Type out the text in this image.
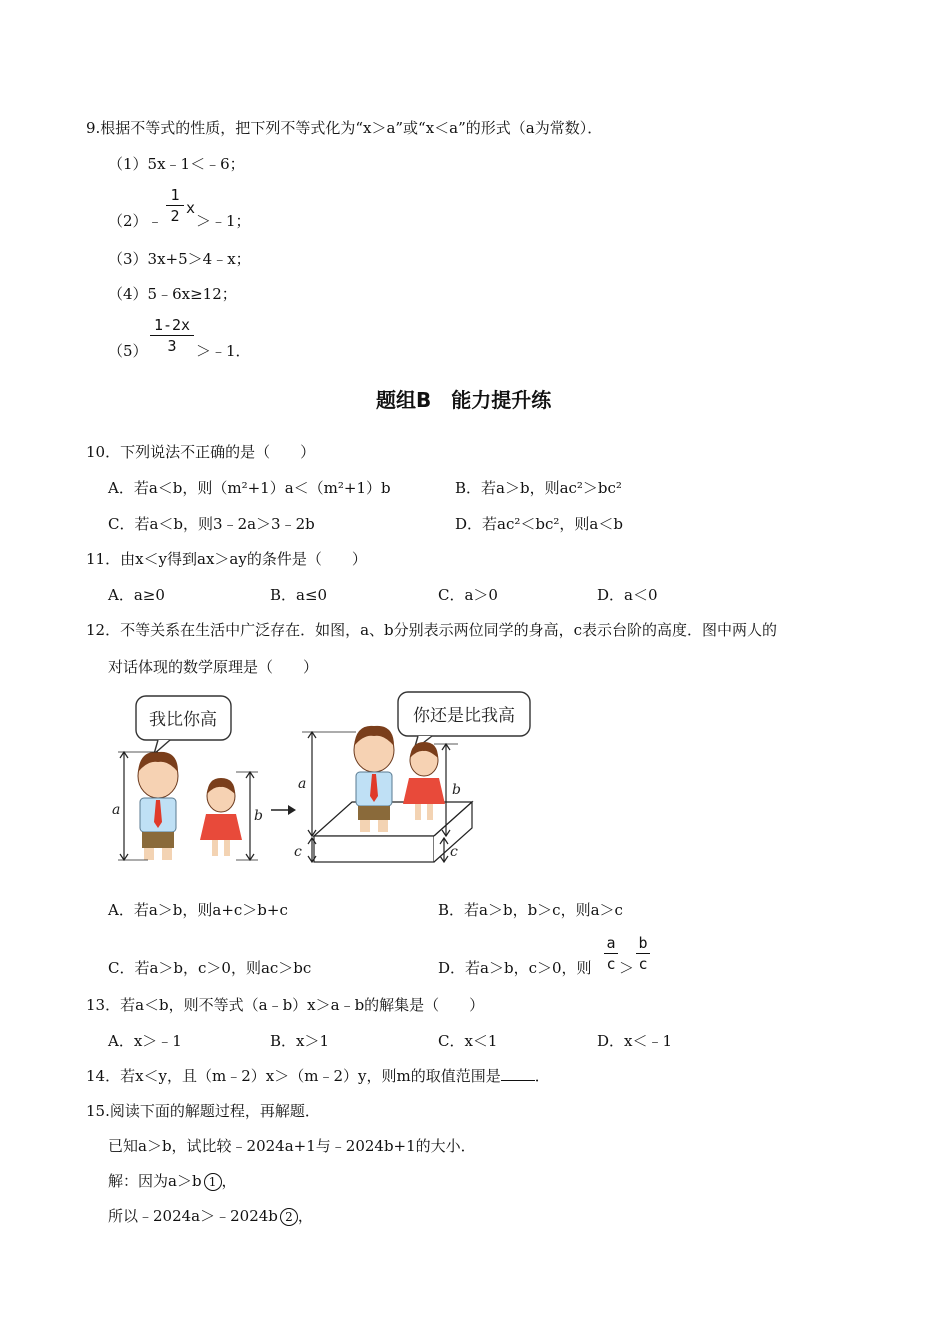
9.根据不等式的性质，把下列不等式化为“x＞a”或“x＜a”的形式（a为常数）．
（1）5x﹣1＜﹣6；
（2）﹣
1
2 x
＞﹣1；
（3）3x+5＞4﹣x；
（4）5﹣6x≥12；
（5）
1-2x
3	＞﹣1．
题组B　能力提升练
10．下列说法不正确的是（　　）
A．若a＜b，则（m²+1）a＜（m²+1）b	B．若a＞b，则ac²＞bc²
C．若a＜b，则3﹣2a＞3﹣2b	D．若ac²＜bc²，则a＜b
11．由x＜y得到ax＞ay的条件是（　　）
A．a≥0	B．a≤0	C．a＞0	D．a＜0
12．不等关系在生活中广泛存在．如图，a、b分别表示两位同学的身高，c表示台阶的高度．图中两人的
对话体现的数学原理是（　　）
我比你高
a	b
你还是比我高
a
c
b
c
A．若a＞b，则a+c＞b+c	B．若a＞b，b＞c，则a＞c
C．若a＞b，c＞0，则ac＞bc	D．若a＞b，c＞0，则
a
c ＞
b
c
13．若a＜b，则不等式（a﹣b）x＞a﹣b的解集是（　　）
A．x＞﹣1	B．x＞1	C．x＜1	D．x＜﹣1
14．若x＜y，且（m﹣2）x＞（m﹣2）y，则m的取值范围是 ．
15.阅读下面的解题过程，再解题．
已知a＞b，试比较﹣2024a+1与﹣2024b+1的大小．
解：因为a＞b 1 ，
所以﹣2024a＞﹣2024b 2 ，
